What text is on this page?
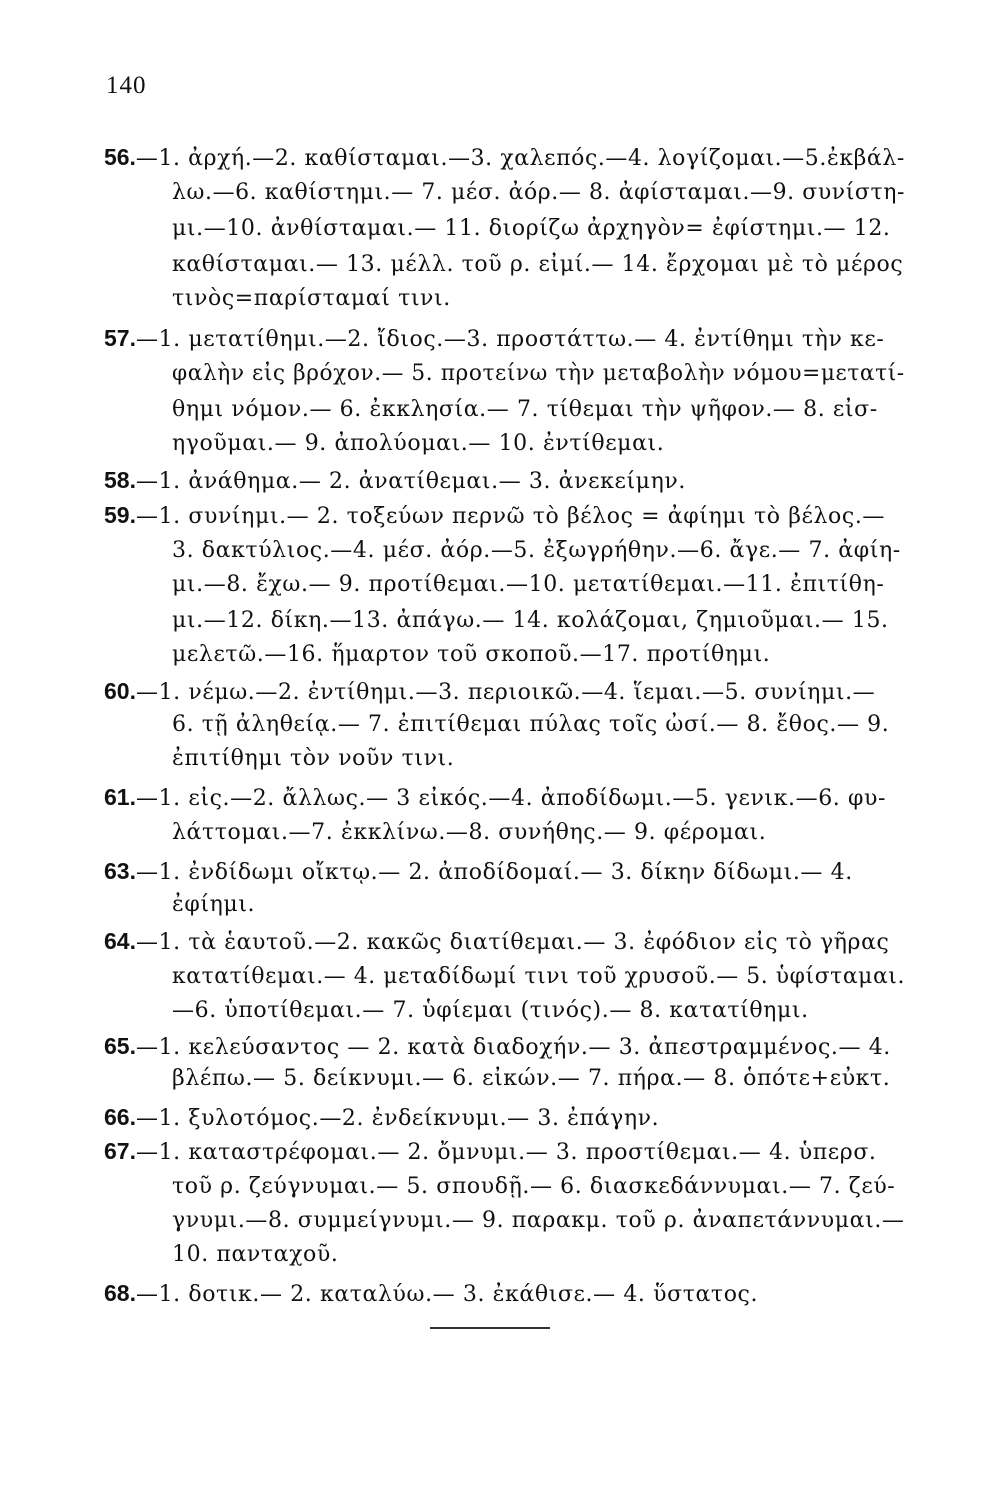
140
56.—1. ἀρχή.—2. καθίσταμαι.—3. χαλεπός.—4. λογίζομαι.—5.ἐκβάλ-
λω.—6. καθίστημι.— 7. μέσ. ἀόρ.— 8. ἀφίσταμαι.—9. συνίστη-
μι.—10. ἀνθίσταμαι.— 11. διορίζω ἀρχηγὸν= ἐφίστημι.— 12.
καθίσταμαι.— 13. μέλλ. τοῦ ρ. εἰμί.— 14. ἔρχομαι μὲ τὸ μέρος
τινὸς=παρίσταμαί τινι.
57.—1. μετατίθημι.—2. ἴδιος.—3. προστάττω.— 4. ἐντίθημι τὴν κε-
φαλὴν εἰς βρόχον.— 5. προτείνω τὴν μεταβολὴν νόμου=μετατί-
θημι νόμον.— 6. ἐκκλησία.— 7. τίθεμαι τὴν ψῆφον.— 8. εἰσ-
ηγοῦμαι.— 9. ἀπολύομαι.— 10. ἐντίθεμαι.
58.—1. ἀνάθημα.— 2. ἀνατίθεμαι.— 3. ἀνεκείμην.
59.—1. συνίημι.— 2. τοξεύων περνῶ τὸ βέλος = ἀφίημι τὸ βέλος.—
3. δακτύλιος.—4. μέσ. ἀόρ.—5. ἐξωγρήθην.—6. ἄγε.— 7. ἀφίη-
μι.—8. ἔχω.— 9. προτίθεμαι.—10. μετατίθεμαι.—11. ἐπιτίθη-
μι.—12. δίκη.—13. ἀπάγω.— 14. κολάζομαι, ζημιοῦμαι.— 15.
μελετῶ.—16. ἥμαρτον τοῦ σκοποῦ.—17. προτίθημι.
60.—1. νέμω.—2. ἐντίθημι.—3. περιοικῶ.—4. ἵεμαι.—5. συνίημι.—
6. τῇ ἀληθείᾳ.— 7. ἐπιτίθεμαι πύλας τοῖς ὠσί.— 8. ἔθος.— 9.
ἐπιτίθημι τὸν νοῦν τινι.
61.—1. εἰς.—2. ἄλλως.— 3 εἰκός.—4. ἀποδίδωμι.—5. γενικ.—6. φυ-
λάττομαι.—7. ἐκκλίνω.—8. συνήθης.— 9. φέρομαι.
63.—1. ἐνδίδωμι οἴκτῳ.— 2. ἀποδίδομαί.— 3. δίκην δίδωμι.— 4.
ἐφίημι.
64.—1. τὰ ἑαυτοῦ.—2. κακῶς διατίθεμαι.— 3. ἐφόδιον εἰς τὸ γῆρας
κατατίθεμαι.— 4. μεταδίδωμί τινι τοῦ χρυσοῦ.— 5. ὑφίσταμαι.
—6. ὑποτίθεμαι.— 7. ὑφίεμαι (τινός).— 8. κατατίθημι.
65.—1. κελεύσαντος — 2. κατὰ διαδοχήν.— 3. ἀπεστραμμένος.— 4.
βλέπω.— 5. δείκνυμι.— 6. εἰκών.— 7. πήρα.— 8. ὁπότε+εὐκτ.
66.—1. ξυλοτόμος.—2. ἐνδείκνυμι.— 3. ἐπάγην.
67.—1. καταστρέφομαι.— 2. ὄμνυμι.— 3. προστίθεμαι.— 4. ὑπερσ.
τοῦ ρ. ζεύγνυμαι.— 5. σπουδῇ.— 6. διασκεδάννυμαι.— 7. ζεύ-
γνυμι.—8. συμμείγνυμι.— 9. παρακμ. τοῦ ρ. ἀναπετάννυμαι.—
10. πανταχοῦ.
68.—1. δοτικ.— 2. καταλύω.— 3. ἐκάθισε.— 4. ὕστατος.
